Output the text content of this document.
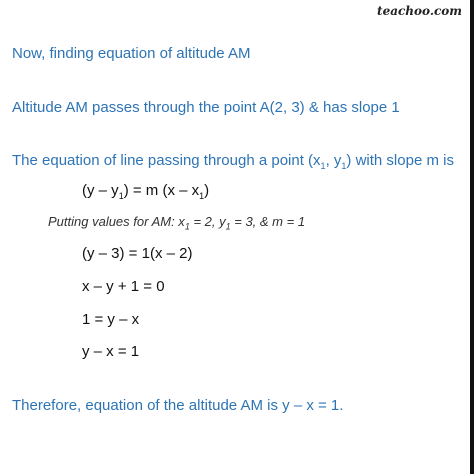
teachoo.com
Now, finding equation of altitude AM
Altitude AM passes through the point A(2, 3) & has slope 1
The equation of line passing through a point ($x_1$, $y_1$) with slope m is
$(y - y_1) = m$ $(x - x_1)$
Putting values for AM: $x_1 = 2$, $y_1 = 3$, & m = 1
(y – 3) = 1(x – 2)
x – y + 1 = 0
1 = y – x
y – x = 1
Therefore, equation of the altitude AM is y – x = 1.
